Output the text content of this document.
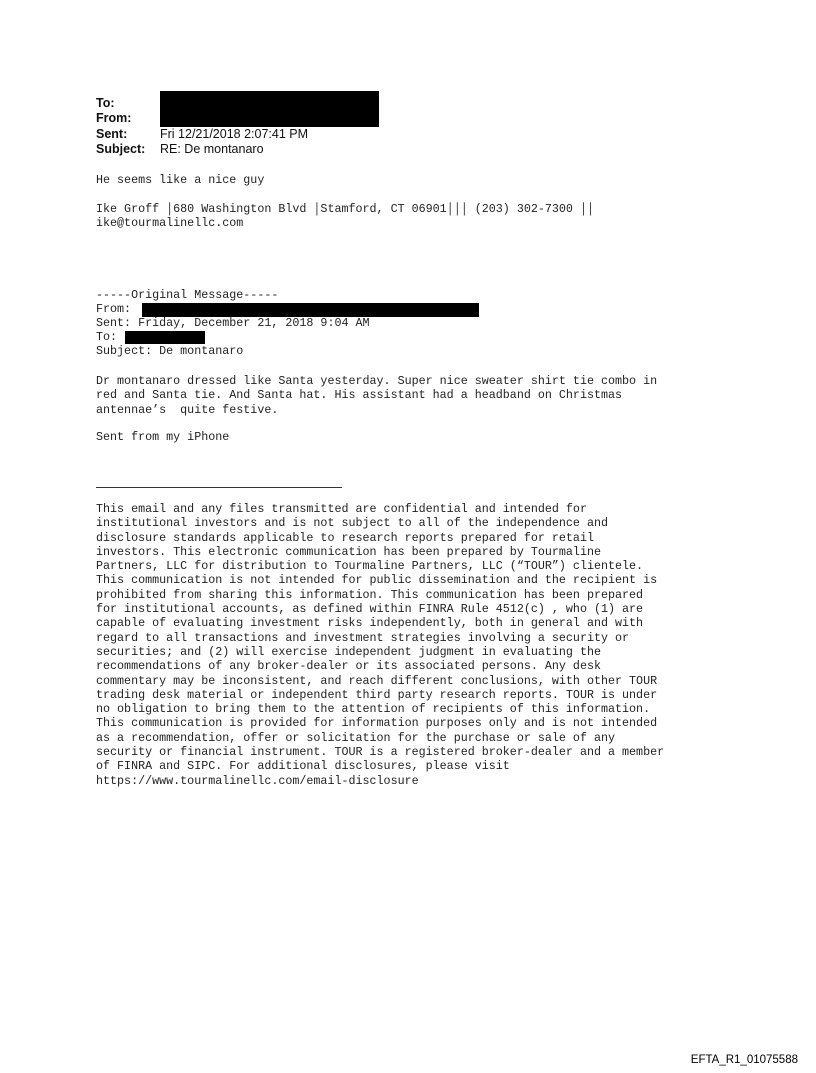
To:
From:
Sent:	Fri 12/21/2018 2:07:41 PM
Subject: RE: De montanaro
He seems like a nice guy
Ike Groff │680 Washington Blvd │Stamford, CT 06901│││ (203) 302-7300 ││
ike@tourmalinellc.com
-----Original Message-----
From:
Sent: Friday, December 21, 2018 9:04 AM
To:
Subject: De montanaro
Dr montanaro dressed like Santa yesterday. Super nice sweater shirt tie combo in
red and Santa tie. And Santa hat. His assistant had a headband on Christmas
antennae’s  quite festive.
Sent from my iPhone
This email and any files transmitted are confidential and intended for
institutional investors and is not subject to all of the independence and
disclosure standards applicable to research reports prepared for retail
investors. This electronic communication has been prepared by Tourmaline
Partners, LLC for distribution to Tourmaline Partners, LLC (“TOUR”) clientele.
This communication is not intended for public dissemination and the recipient is
prohibited from sharing this information. This communication has been prepared
for institutional accounts, as defined within FINRA Rule 4512(c) , who (1) are
capable of evaluating investment risks independently, both in general and with
regard to all transactions and investment strategies involving a security or
securities; and (2) will exercise independent judgment in evaluating the
recommendations of any broker-dealer or its associated persons. Any desk
commentary may be inconsistent, and reach different conclusions, with other TOUR
trading desk material or independent third party research reports. TOUR is under
no obligation to bring them to the attention of recipients of this information.
This communication is provided for information purposes only and is not intended
as a recommendation, offer or solicitation for the purchase or sale of any
security or financial instrument. TOUR is a registered broker-dealer and a member
of FINRA and SIPC. For additional disclosures, please visit
https://www.tourmalinellc.com/email-disclosure
EFTA_R1_01075588
